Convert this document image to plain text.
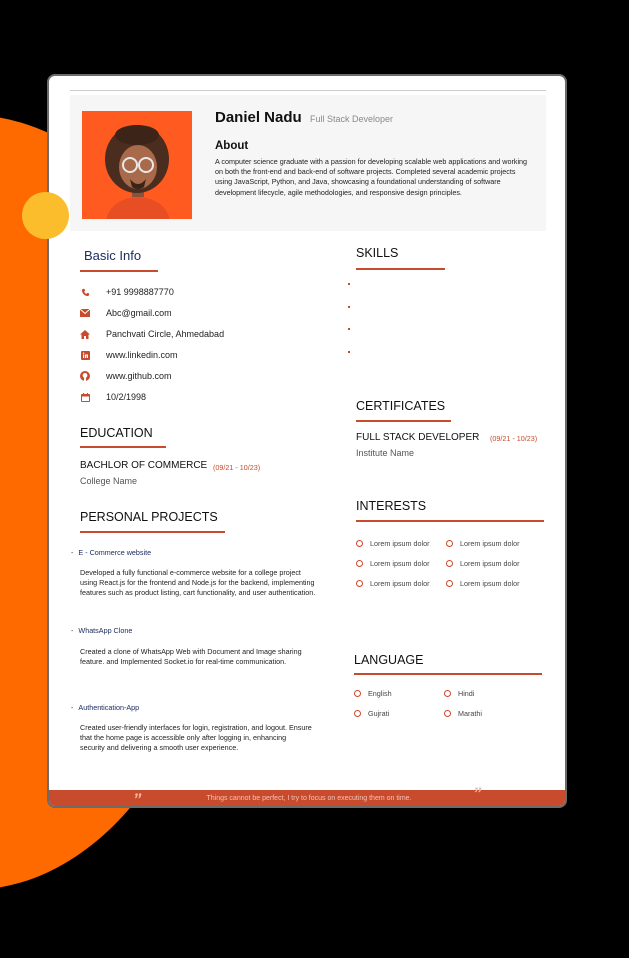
Daniel Nadu Full Stack Developer
About
A computer science graduate with a passion for developing scalable web applications and working on both the front-end and back-end of software projects. Completed several academic projects using JavaScript, Python, and Java, showcasing a foundational understanding of software development lifecycle, agile methodologies, and responsive design principles.
Basic Info
+91 9998887770
Abc@gmail.com
Panchvati Circle, Ahmedabad
www.linkedin.com
www.github.com
10/2/1998
EDUCATION
BACHLOR OF COMMERCE (09/21 - 10/23)
College Name
PERSONAL PROJECTS
- E - Commerce website
Developed a fully functional e-commerce website for a college project using React.js for the frontend and Node.js for the backend, implementing features such as product listing, cart functionality, and user authentication.
- WhatsApp Clone
Created a clone of WhatsApp Web with Document and Image sharing feature. and Implemented Socket.io for real-time communication.
- Authentication-App
Created user-friendly interfaces for login, registration, and logout. Ensure that the home page is accessible only after logging in, enhancing security and delivering a smooth user experience.
SKILLS
CERTIFICATES
FULL STACK DEVELOPER (09/21 - 10/23)
Institute Name
INTERESTS
Lorem ipsum dolor	Lorem ipsum dolor
Lorem ipsum dolor	Lorem ipsum dolor
Lorem ipsum dolor	Lorem ipsum dolor
LANGUAGE
English	Hindi
Gujrati	Marathi
”	Things cannot be perfect, I try to focus on executing them on time.	”
